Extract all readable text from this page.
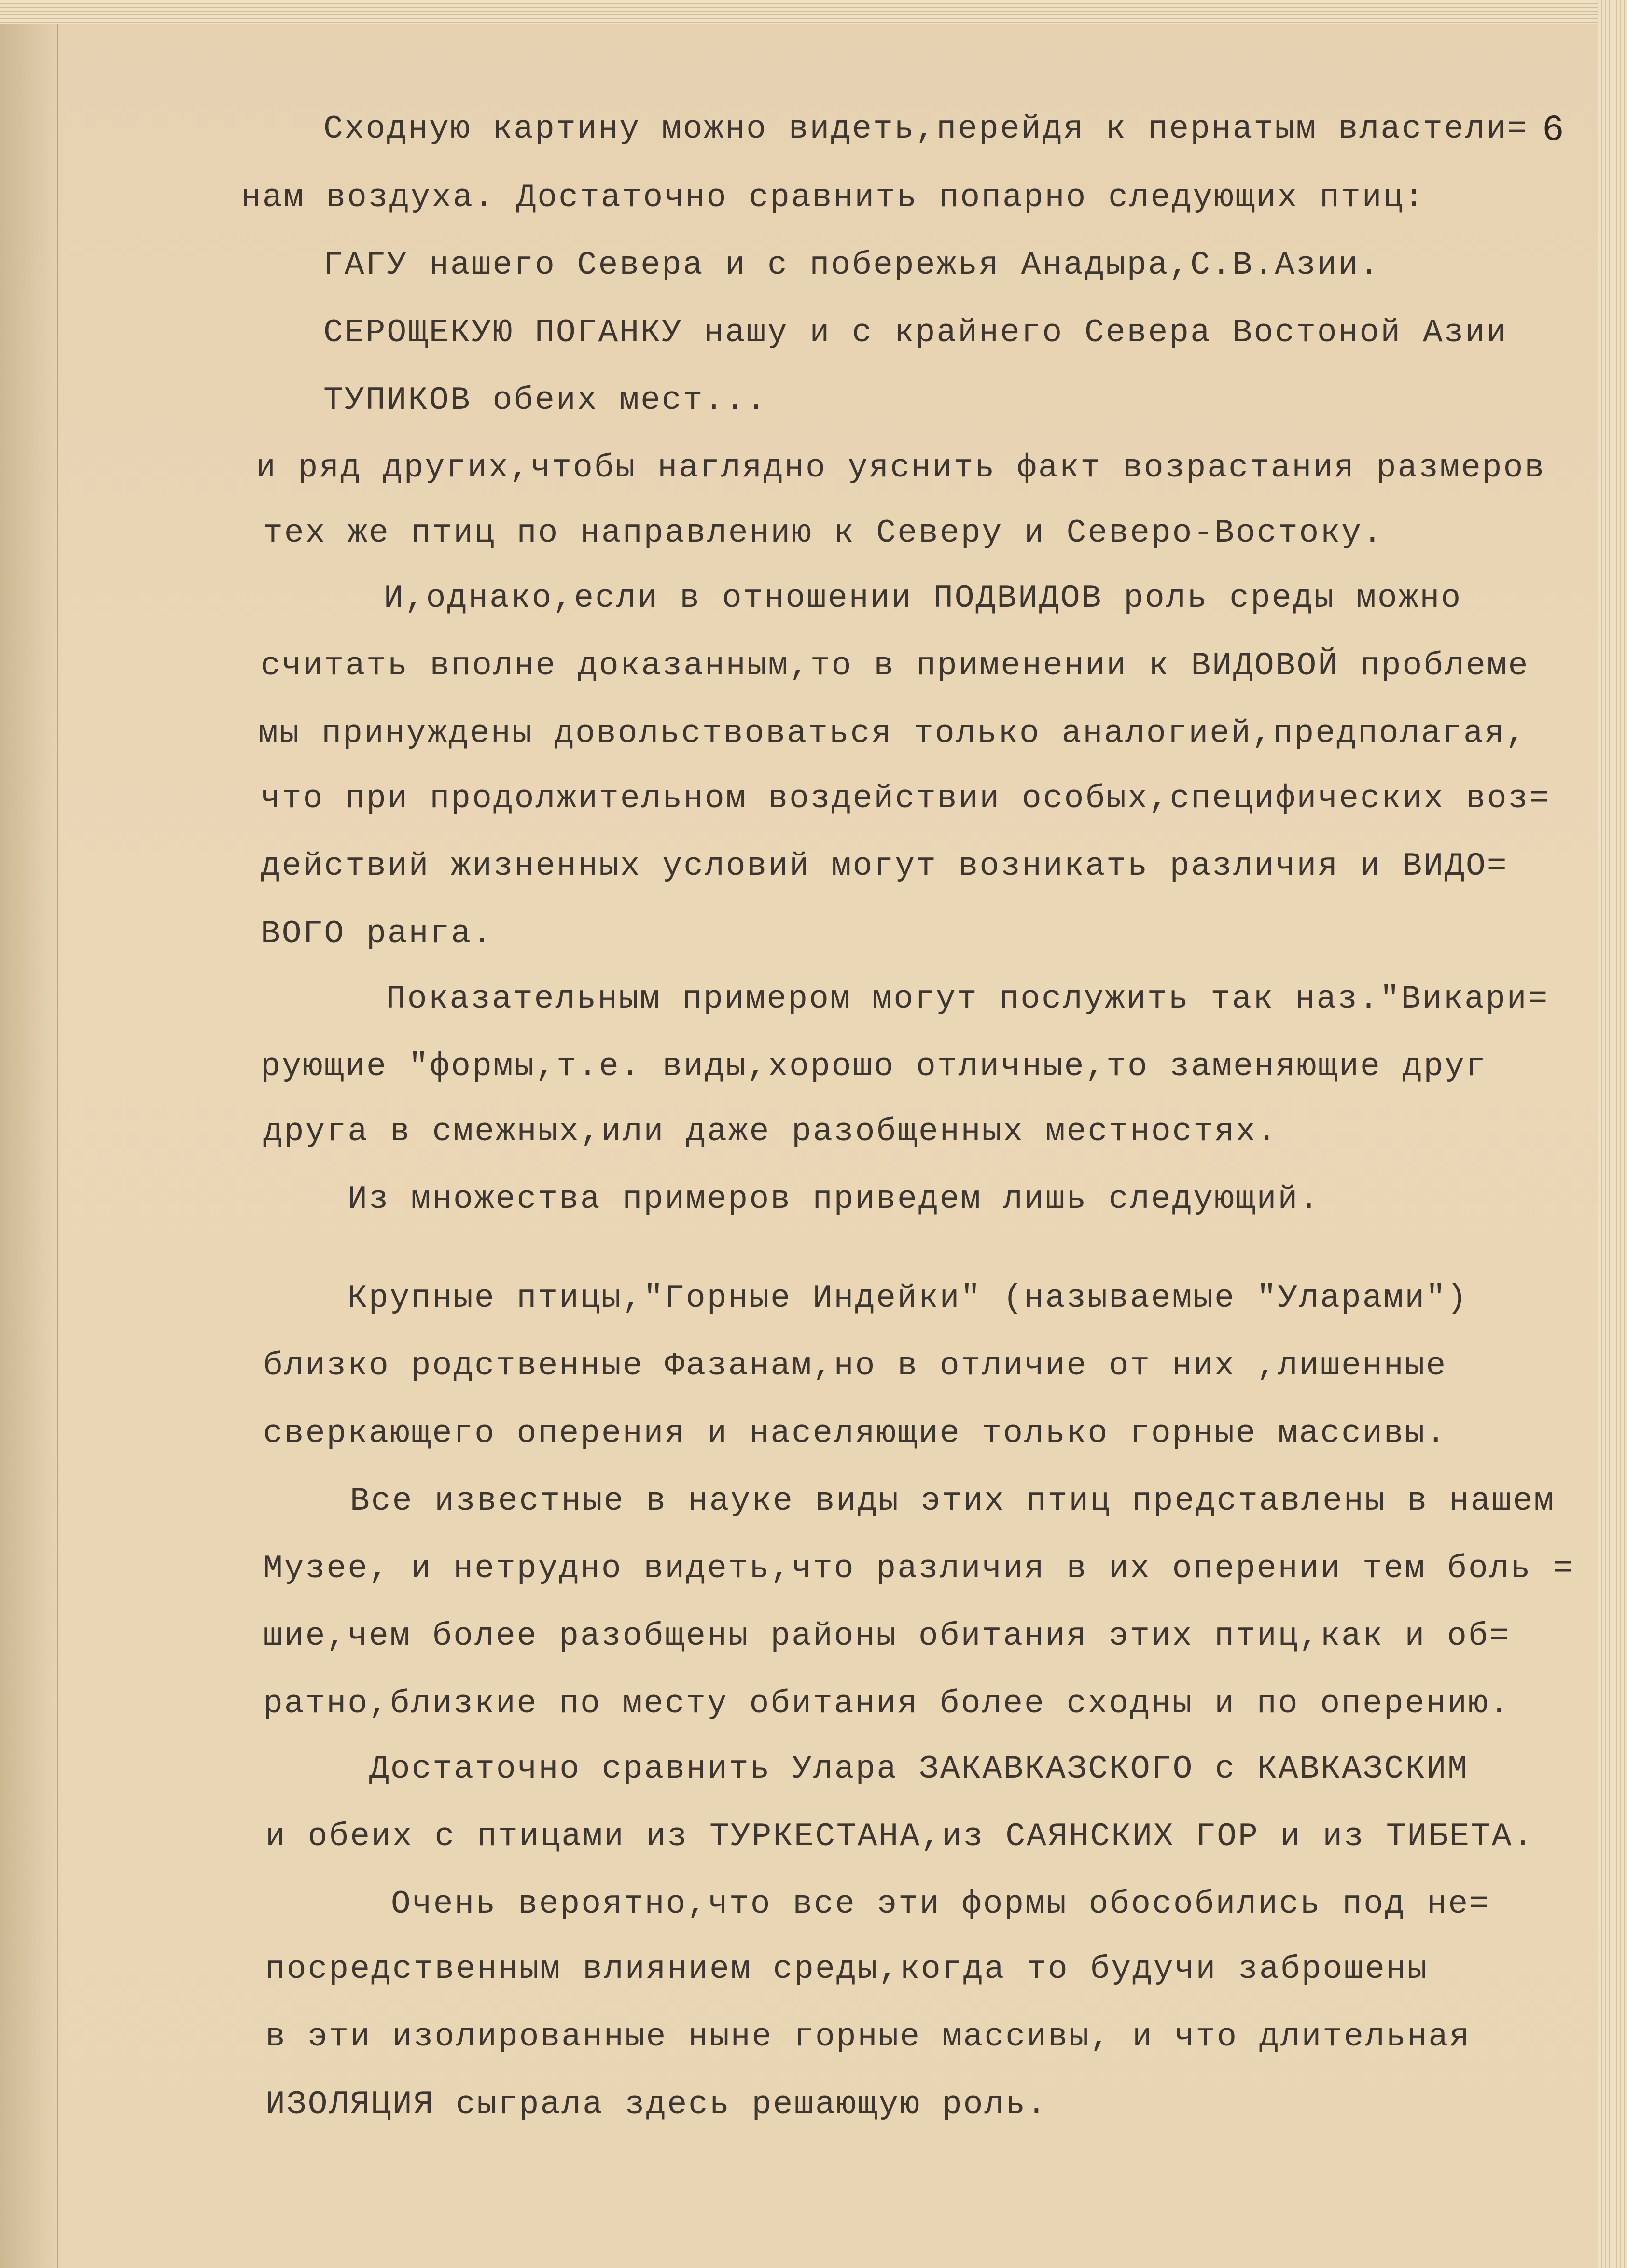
6
Сходную картину можно видеть,перейдя к пернатым властели=
нам воздуха. Достаточно сравнить попарно следующих птиц:
ГАГУ нашего Севера и с побережья Анадыра,С.В.Азии.
СЕРОЩЕКУЮ ПОГАНКУ нашу и с крайнего Севера Востоной Азии
ТУПИКОВ обеих мест...
и ряд других,чтобы наглядно уяснить факт возрастания размеров
тех же птиц по направлению к Северу и Северо-Востоку.
И,однако,если в отношении ПОДВИДОВ роль среды можно
считать вполне доказанным,то в применении к ВИДОВОЙ проблеме
мы принуждены довольствоваться только аналогией,предполагая,
что при продолжительном воздействии особых,специфических воз=
действий жизненных условий могут возникать различия и ВИДО=
ВОГО ранга.
Показательным примером могут послужить так наз."Викари=
рующие "формы,т.е. виды,хорошо отличные,то заменяющие друг
друга в смежных,или даже разобщенных местностях.
Из множества примеров приведем лишь следующий.
Крупные птицы,"Горные Индейки" (называемые "Уларами")
близко родственные Фазанам,но в отличие от них ,лишенные
сверкающего оперения и населяющие только горные массивы.
Все известные в науке виды этих птиц представлены в нашем
Музее, и нетрудно видеть,что различия в их оперении тем боль =
шие,чем более разобщены районы обитания этих птиц,как и об=
ратно,близкие по месту обитания более сходны и по оперению.
Достаточно сравнить Улара ЗАКАВКАЗСКОГО с КАВКАЗСКИМ
и обеих с птицами из ТУРКЕСТАНА,из САЯНСКИХ ГОР и из ТИБЕТА.
Очень вероятно,что все эти формы обособились под не=
посредственным влиянием среды,когда то будучи заброшены
в эти изолированные ныне горные массивы, и что длительная
ИЗОЛЯЦИЯ сыграла здесь решающую роль.
